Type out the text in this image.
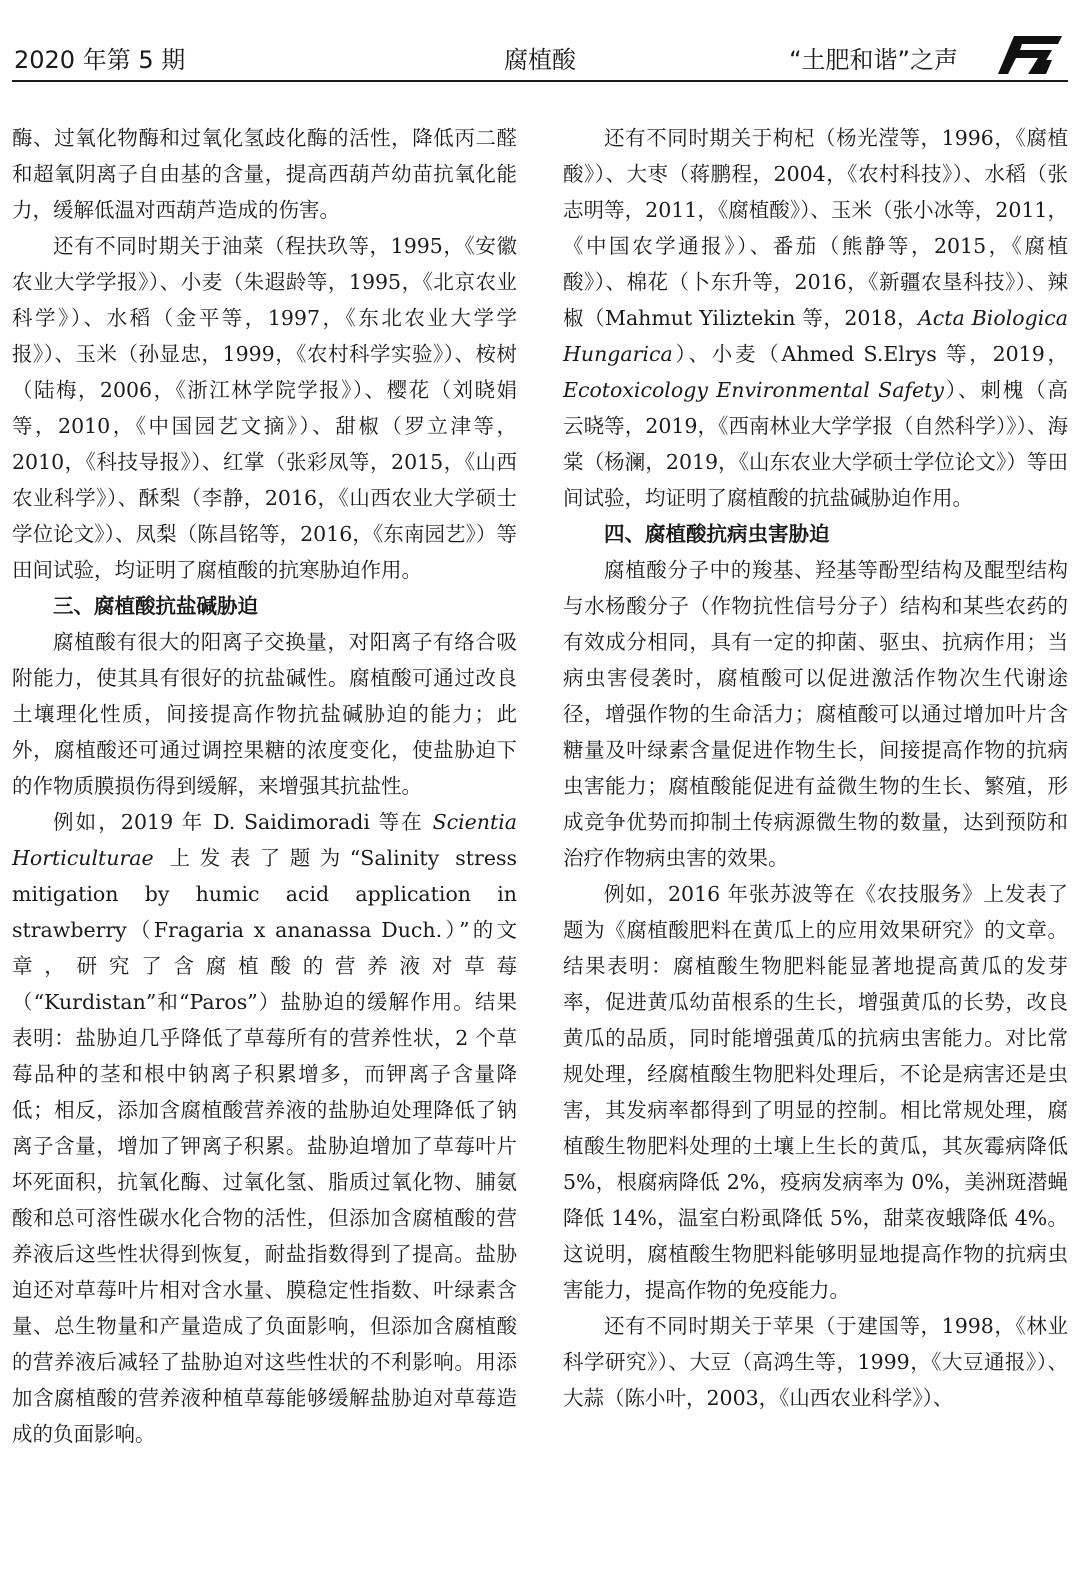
2020 年第 5 期	腐植酸	“土肥和谐”之声

酶、过氧化物酶和过氧化氢歧化酶的活性，降低丙二醛和超氧阴离子自由基的含量，提高西葫芦幼苗抗氧化能力，缓解低温对西葫芦造成的伤害。

还有不同时期关于油菜（程扶玖等，1995，《安徽农业大学学报》）、小麦（朱遐龄等，1995，《北京农业科学》）、水稻（金平等，1997，《东北农业大学学报》）、玉米（孙显忠，1999，《农村科学实验》）、桉树（陆梅，2006，《浙江林学院学报》）、樱花（刘晓娟等，2010，《中国园艺文摘》）、甜椒（罗立津等，2010，《科技导报》）、红掌（张彩凤等，2015，《山西农业科学》）、酥梨（李静，2016，《山西农业大学硕士学位论文》）、凤梨（陈昌铭等，2016，《东南园艺》）等田间试验，均证明了腐植酸的抗寒胁迫作用。

三、腐植酸抗盐碱胁迫

腐植酸有很大的阳离子交换量，对阳离子有络合吸附能力，使其具有很好的抗盐碱性。腐植酸可通过改良土壤理化性质，间接提高作物抗盐碱胁迫的能力；此外，腐植酸还可通过调控果糖的浓度变化，使盐胁迫下的作物质膜损伤得到缓解，来增强其抗盐性。

例如，2019 年 D. Saidimoradi 等在 Scientia Horticulturae 上发表了题为“Salinity stress mitigation by humic acid application in strawberry（Fragaria x ananassa Duch.）”的文章，研究了含腐植酸的营养液对草莓（“Kurdistan”和“Paros”）盐胁迫的缓解作用。结果表明：盐胁迫几乎降低了草莓所有的营养性状，2 个草莓品种的茎和根中钠离子积累增多，而钾离子含量降低；相反，添加含腐植酸营养液的盐胁迫处理降低了钠离子含量，增加了钾离子积累。盐胁迫增加了草莓叶片坏死面积，抗氧化酶、过氧化氢、脂质过氧化物、脯氨酸和总可溶性碳水化合物的活性，但添加含腐植酸的营养液后这些性状得到恢复，耐盐指数得到了提高。盐胁迫还对草莓叶片相对含水量、膜稳定性指数、叶绿素含量、总生物量和产量造成了负面影响，但添加含腐植酸的营养液后减轻了盐胁迫对这些性状的不利影响。用添加含腐植酸的营养液种植草莓能够缓解盐胁迫对草莓造成的负面影响。

还有不同时期关于枸杞（杨光滢等，1996，《腐植酸》）、大枣（蒋鹏程，2004，《农村科技》）、水稻（张志明等，2011，《腐植酸》）、玉米（张小冰等，2011，《中国农学通报》）、番茄（熊静等，2015，《腐植酸》）、棉花（卜东升等，2016，《新疆农垦科技》）、辣椒（Mahmut Yiliztekin 等，2018，Acta Biologica Hungarica）、小麦（Ahmed S.Elrys 等，2019，Ecotoxicology Environmental Safety）、刺槐（高云晓等，2019，《西南林业大学学报（自然科学）》）、海棠（杨澜，2019，《山东农业大学硕士学位论文》）等田间试验，均证明了腐植酸的抗盐碱胁迫作用。

四、腐植酸抗病虫害胁迫

腐植酸分子中的羧基、羟基等酚型结构及醌型结构与水杨酸分子（作物抗性信号分子）结构和某些农药的有效成分相同，具有一定的抑菌、驱虫、抗病作用；当病虫害侵袭时，腐植酸可以促进激活作物次生代谢途径，增强作物的生命活力；腐植酸可以通过增加叶片含糖量及叶绿素含量促进作物生长，间接提高作物的抗病虫害能力；腐植酸能促进有益微生物的生长、繁殖，形成竞争优势而抑制土传病源微生物的数量，达到预防和治疗作物病虫害的效果。

例如，2016 年张苏波等在《农技服务》上发表了题为《腐植酸肥料在黄瓜上的应用效果研究》的文章。结果表明：腐植酸生物肥料能显著地提高黄瓜的发芽率，促进黄瓜幼苗根系的生长，增强黄瓜的长势，改良黄瓜的品质，同时能增强黄瓜的抗病虫害能力。对比常规处理，经腐植酸生物肥料处理后，不论是病害还是虫害，其发病率都得到了明显的控制。相比常规处理，腐植酸生物肥料处理的土壤上生长的黄瓜，其灰霉病降低 5%，根腐病降低 2%，疫病发病率为 0%，美洲斑潜蝇降低 14%，温室白粉虱降低 5%，甜菜夜蛾降低 4%。这说明，腐植酸生物肥料能够明显地提高作物的抗病虫害能力，提高作物的免疫能力。

还有不同时期关于苹果（于建国等，1998，《林业科学研究》）、大豆（高鸿生等，1999，《大豆通报》）、大蒜（陈小叶，2003，《山西农业科学》）、
